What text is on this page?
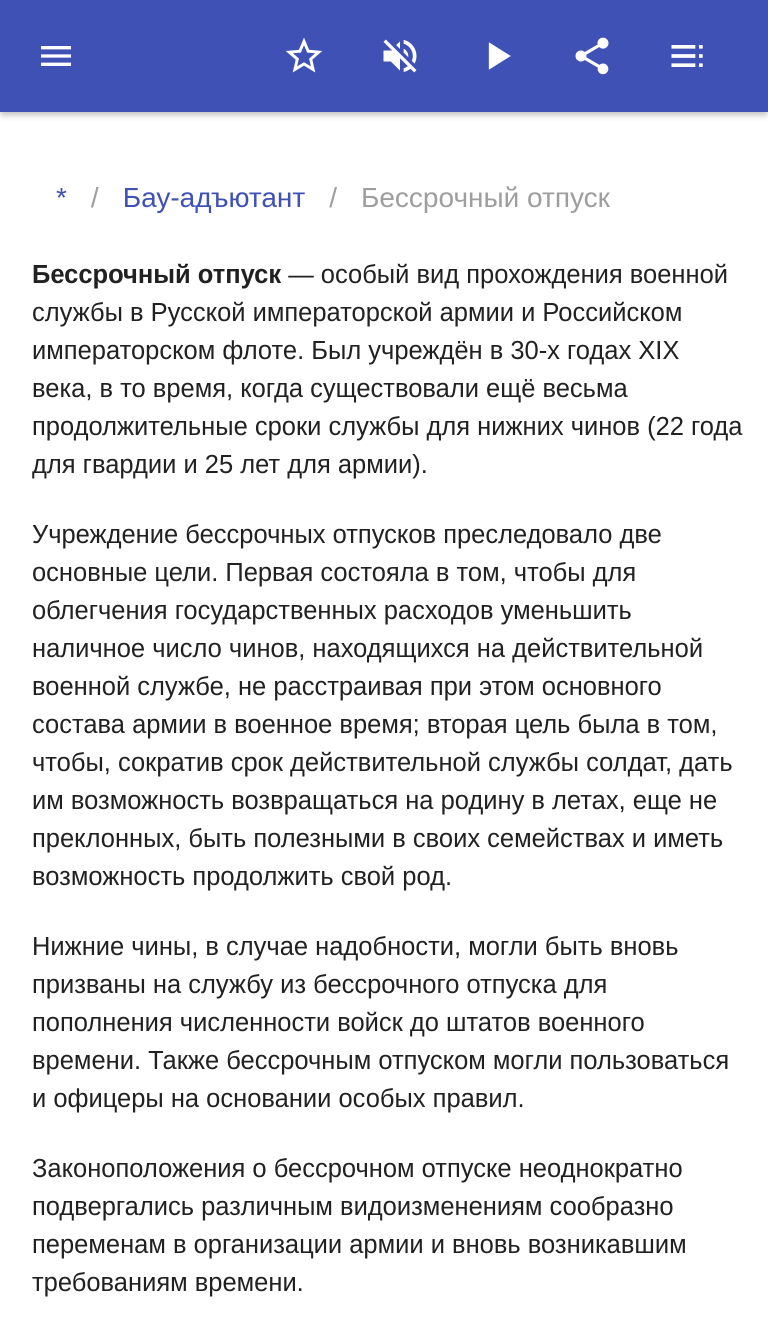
* / Бау-адъютант / Бессрочный отпуск

Бессрочный отпуск — особый вид прохождения военной службы в Русской императорской армии и Российском императорском флоте. Был учреждён в 30-х годах XIX века, в то время, когда существовали ещё весьма продолжительные сроки службы для нижних чинов (22 года для гвардии и 25 лет для армии).

Учреждение бессрочных отпусков преследовало две основные цели. Первая состояла в том, чтобы для облегчения государственных расходов уменьшить наличное число чинов, находящихся на действительной военной службе, не расстраивая при этом основного состава армии в военное время; вторая цель была в том, чтобы, сократив срок действительной службы солдат, дать им возможность возвращаться на родину в летах, еще не преклонных, быть полезными в своих семействах и иметь возможность продолжить свой род.

Нижние чины, в случае надобности, могли быть вновь призваны на службу из бессрочного отпуска для пополнения численности войск до штатов военного времени. Также бессрочным отпуском могли пользоваться и офицеры на основании особых правил.

Законоположения о бессрочном отпуске неоднократно подвергались различным видоизменениям сообразно переменам в организации армии и вновь возникавшим требованиям времени.
